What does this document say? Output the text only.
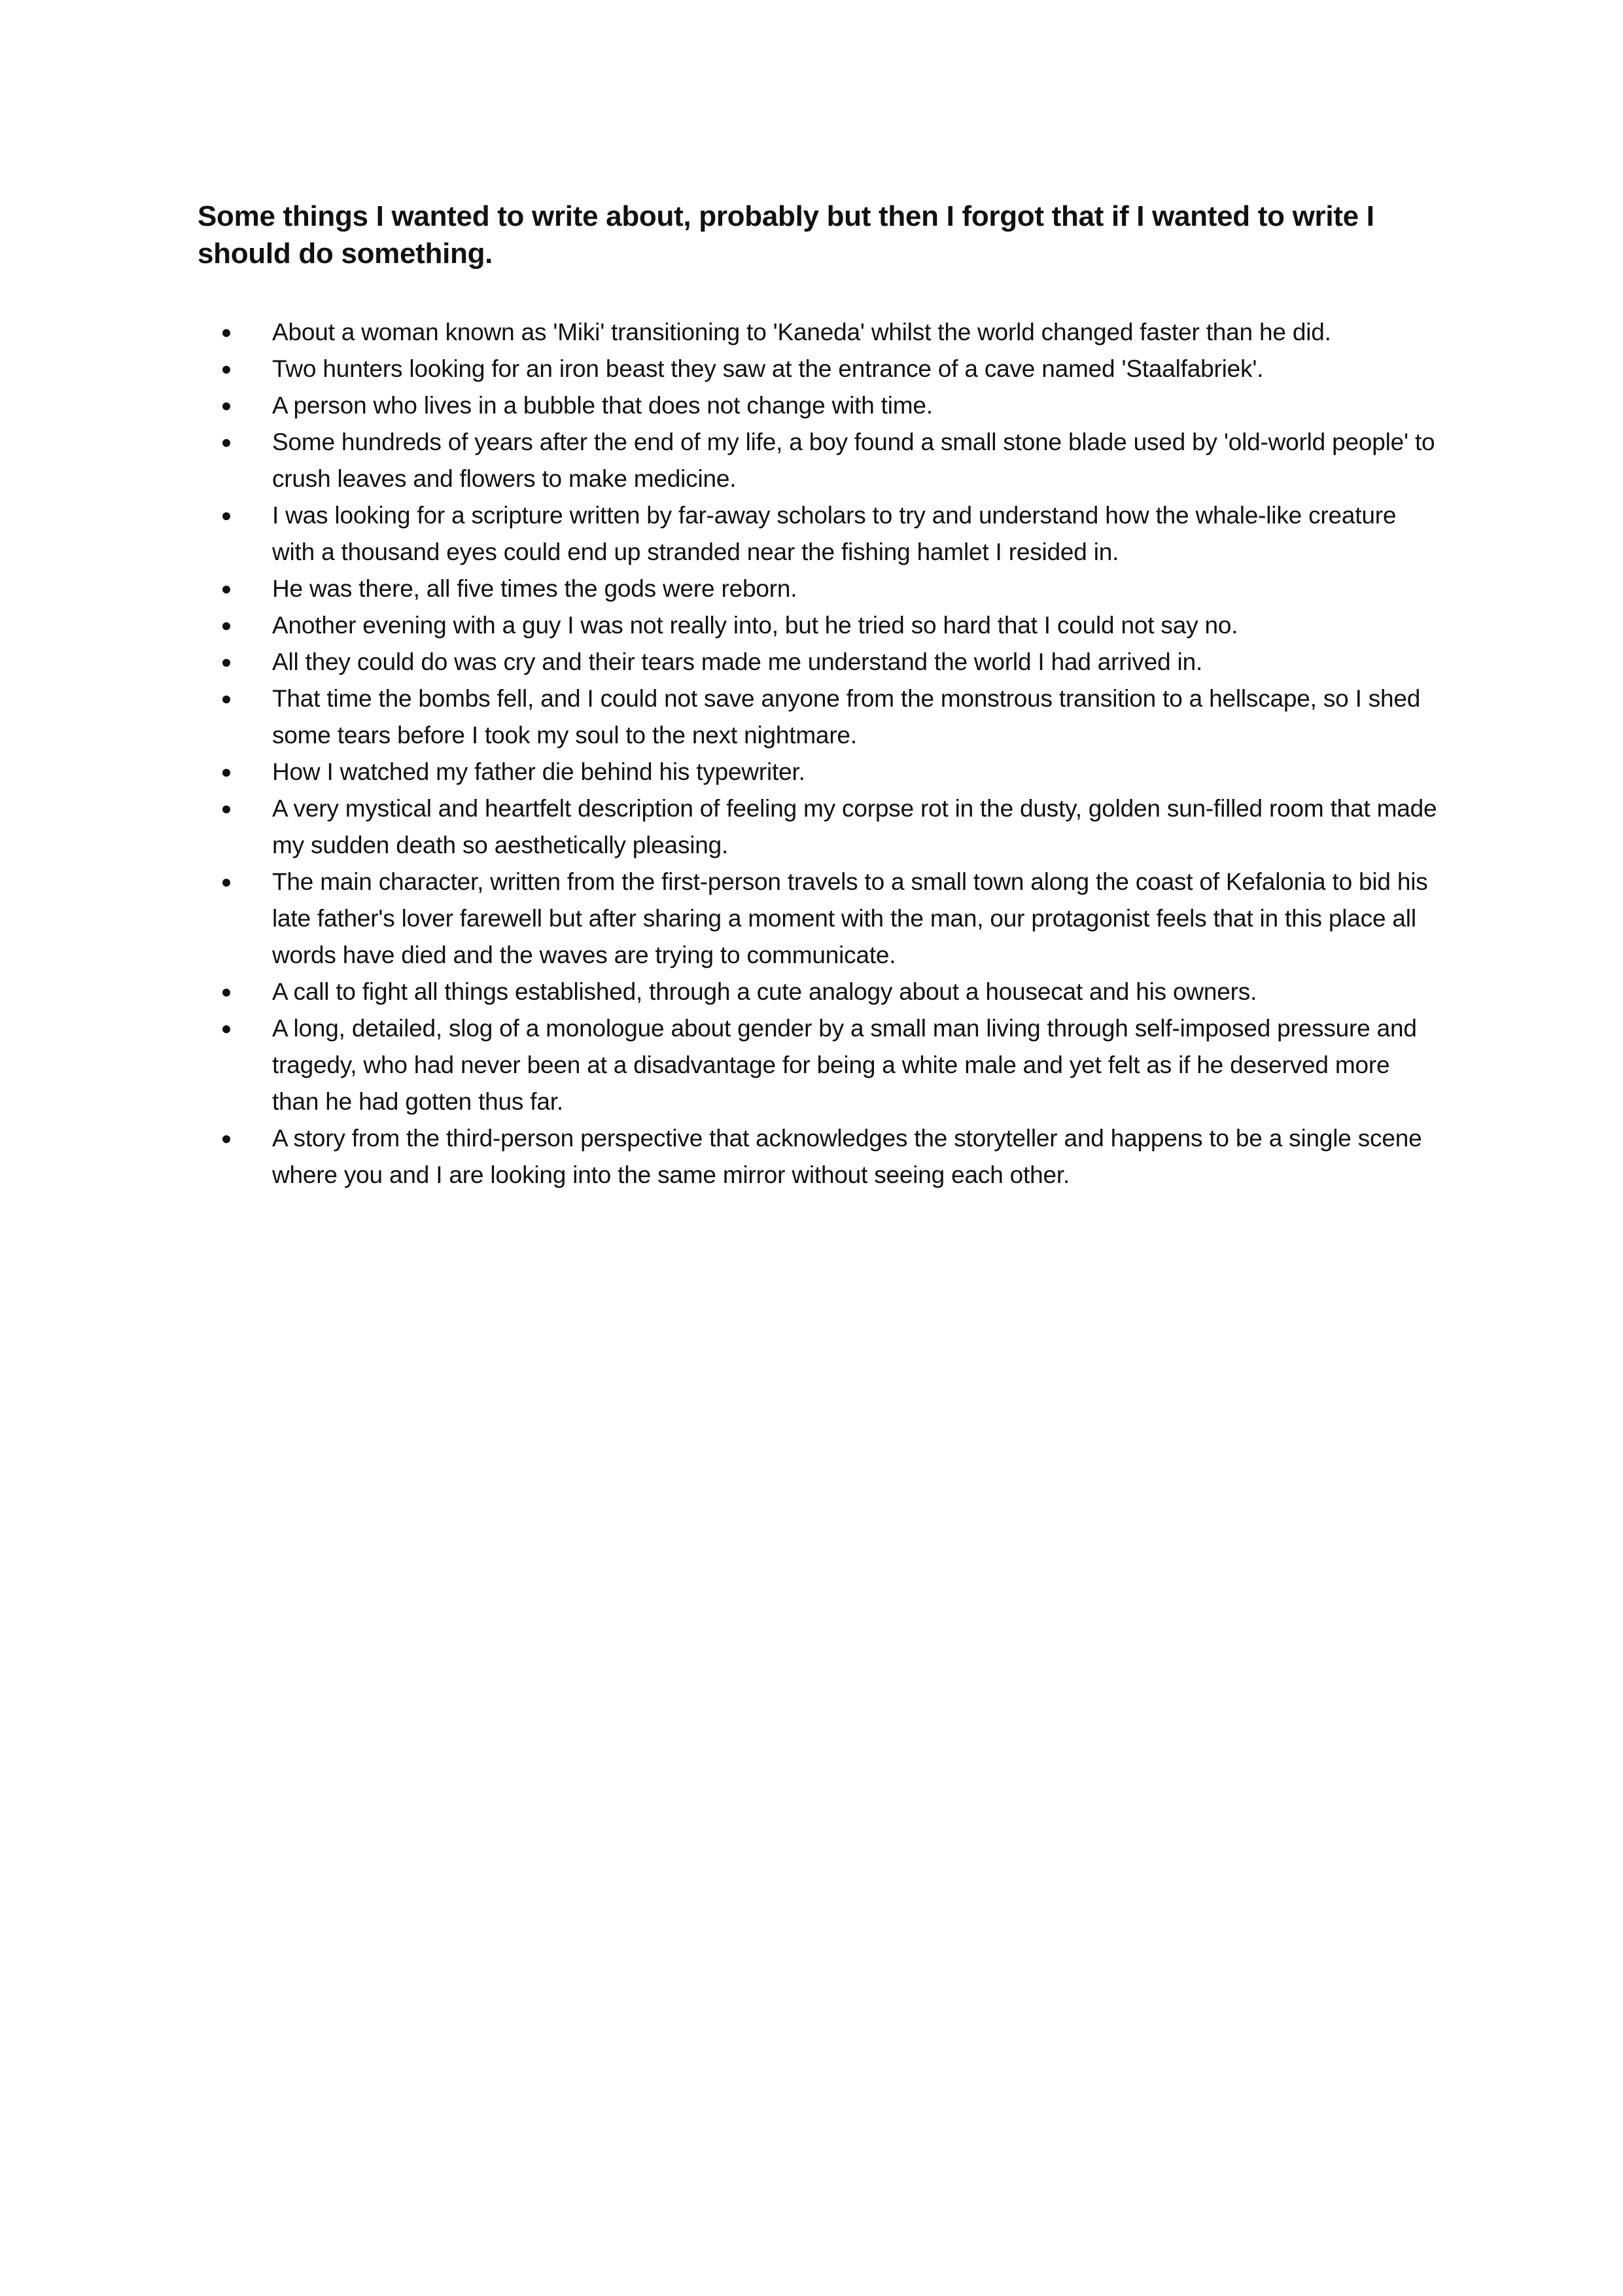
Some things I wanted to write about, probably but then I forgot that if I wanted to write I should do something.
About a woman known as 'Miki' transitioning to 'Kaneda' whilst the world changed faster than he did.
Two hunters looking for an iron beast they saw at the entrance of a cave named 'Staalfabriek'.
A person who lives in a bubble that does not change with time.
Some hundreds of years after the end of my life, a boy found a small stone blade used by 'old-world people' to crush leaves and flowers to make medicine.
I was looking for a scripture written by far-away scholars to try and understand how the whale-like creature with a thousand eyes could end up stranded near the fishing hamlet I resided in.
He was there, all five times the gods were reborn.
Another evening with a guy I was not really into, but he tried so hard that I could not say no.
All they could do was cry and their tears made me understand the world I had arrived in.
That time the bombs fell, and I could not save anyone from the monstrous transition to a hellscape, so I shed some tears before I took my soul to the next nightmare.
How I watched my father die behind his typewriter.
A very mystical and heartfelt description of feeling my corpse rot in the dusty, golden sun-filled room that made my sudden death so aesthetically pleasing.
The main character, written from the first-person travels to a small town along the coast of Kefalonia to bid his late father's lover farewell but after sharing a moment with the man, our protagonist feels that in this place all words have died and the waves are trying to communicate.
A call to fight all things established, through a cute analogy about a housecat and his owners.
A long, detailed, slog of a monologue about gender by a small man living through self-imposed pressure and tragedy, who had never been at a disadvantage for being a white male and yet felt as if he deserved more than he had gotten thus far.
A story from the third-person perspective that acknowledges the storyteller and happens to be a single scene where you and I are looking into the same mirror without seeing each other.
